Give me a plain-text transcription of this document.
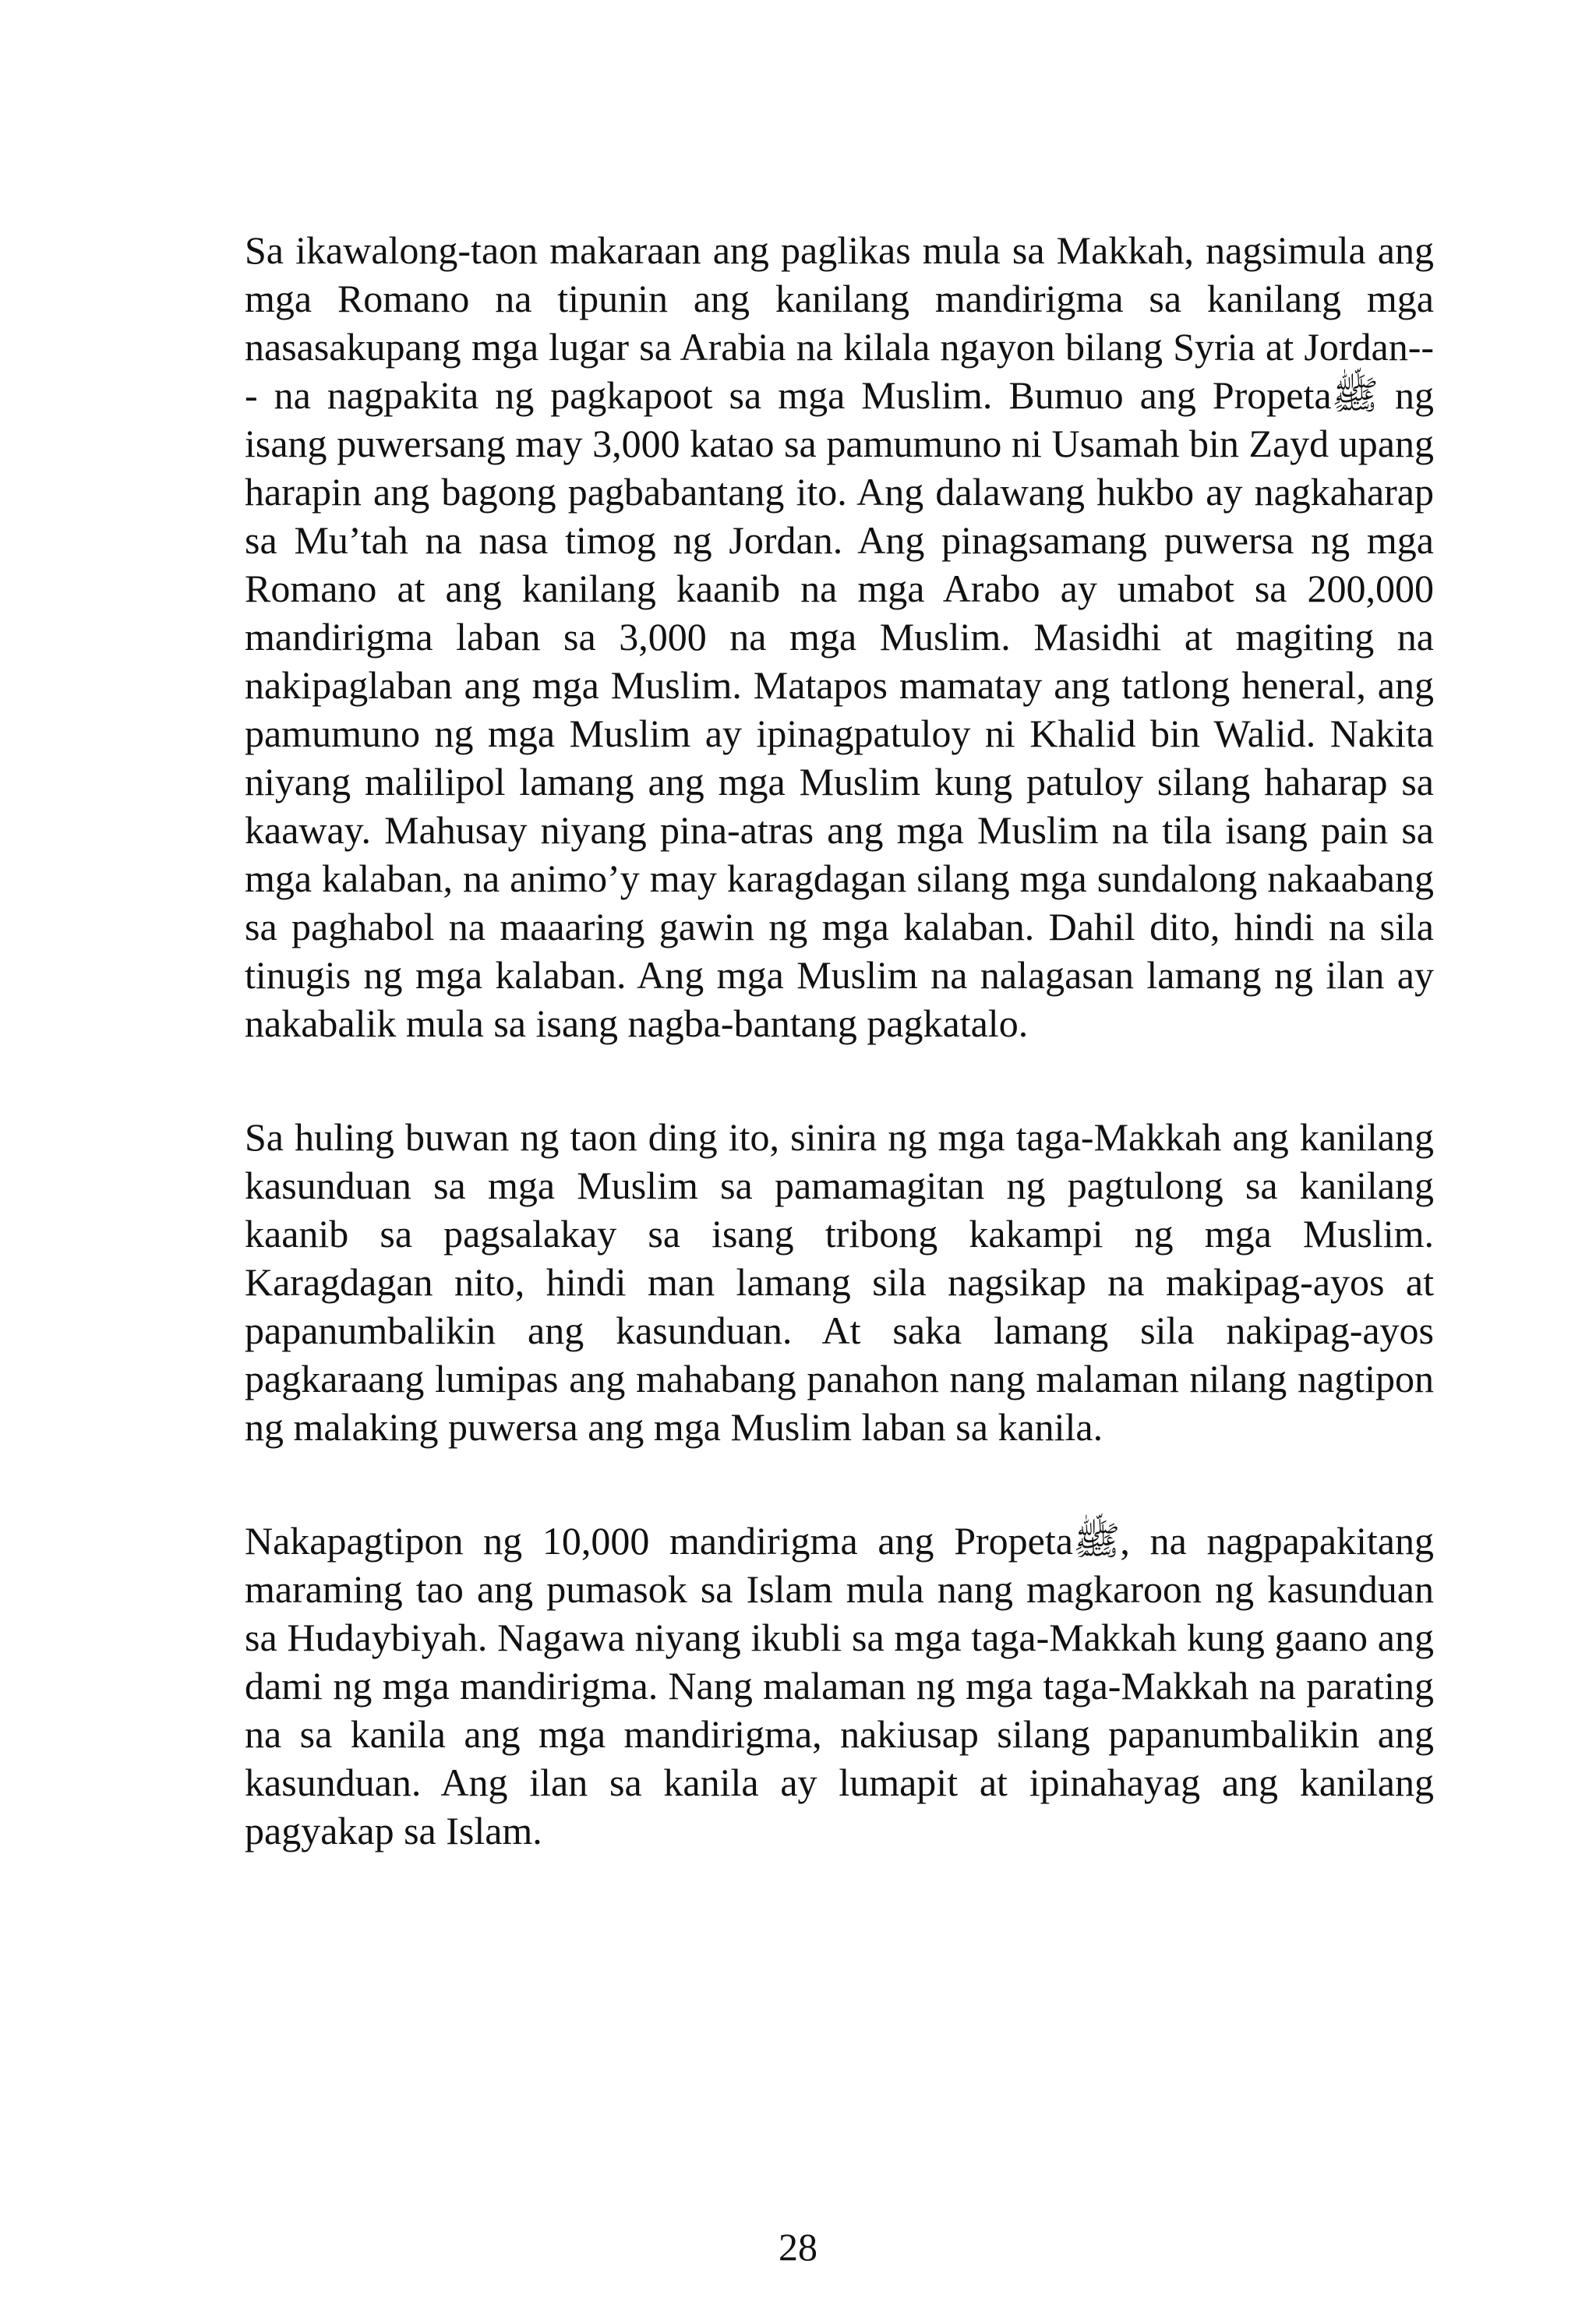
Sa ikawalong-taon makaraan ang paglikas mula sa Makkah, nagsimula ang mga Romano na tipunin ang kanilang mandirigma sa kanilang mga nasasakupang mga lugar sa Arabia na kilala ngayon bilang Syria at Jordan--- na nagpakita ng pagkapoot sa mga Muslim. Bumuo ang Propetaﷺ ng isang puwersang may 3,000 katao sa pamumuno ni Usamah bin Zayd upang harapin ang bagong pagbabantang ito. Ang dalawang hukbo ay nagkaharap sa Mu’tah na nasa timog ng Jordan. Ang pinagsamang puwersa ng mga Romano at ang kanilang kaanib na mga Arabo ay umabot sa 200,000 mandirigma laban sa 3,000 na mga Muslim. Masidhi at magiting na nakipaglaban ang mga Muslim. Matapos mamatay ang tatlong heneral, ang pamumuno ng mga Muslim ay ipinagpatuloy ni Khalid bin Walid. Nakita niyang malilipol lamang ang mga Muslim kung patuloy silang haharap sa kaaway. Mahusay niyang pina-atras ang mga Muslim na tila isang pain sa mga kalaban, na animo’y may karagdagan silang mga sundalong nakaabang sa paghabol na maaaring gawin ng mga kalaban. Dahil dito, hindi na sila tinugis ng mga kalaban. Ang mga Muslim na nalagasan lamang ng ilan ay nakabalik mula sa isang nagba-bantang pagkatalo.

Sa huling buwan ng taon ding ito, sinira ng mga taga-Makkah ang kanilang kasunduan sa mga Muslim sa pamamagitan ng pagtulong sa kanilang kaanib sa pagsalakay sa isang tribong kakampi ng mga Muslim. Karagdagan nito, hindi man lamang sila nagsikap na makipag-ayos at papanumbalikin ang kasunduan. At saka lamang sila nakipag-ayos pagkaraang lumipas ang mahabang panahon nang malaman nilang nagtipon ng malaking puwersa ang mga Muslim laban sa kanila.

Nakapagtipon ng 10,000 mandirigma ang Propetaﷺ, na nagpapakitang maraming tao ang pumasok sa Islam mula nang magkaroon ng kasunduan sa Hudaybiyah. Nagawa niyang ikubli sa mga taga-Makkah kung gaano ang dami ng mga mandirigma. Nang malaman ng mga taga-Makkah na parating na sa kanila ang mga mandirigma, nakiusap silang papanumbalikin ang kasunduan. Ang ilan sa kanila ay lumapit at ipinahayag ang kanilang pagyakap sa Islam.

28
